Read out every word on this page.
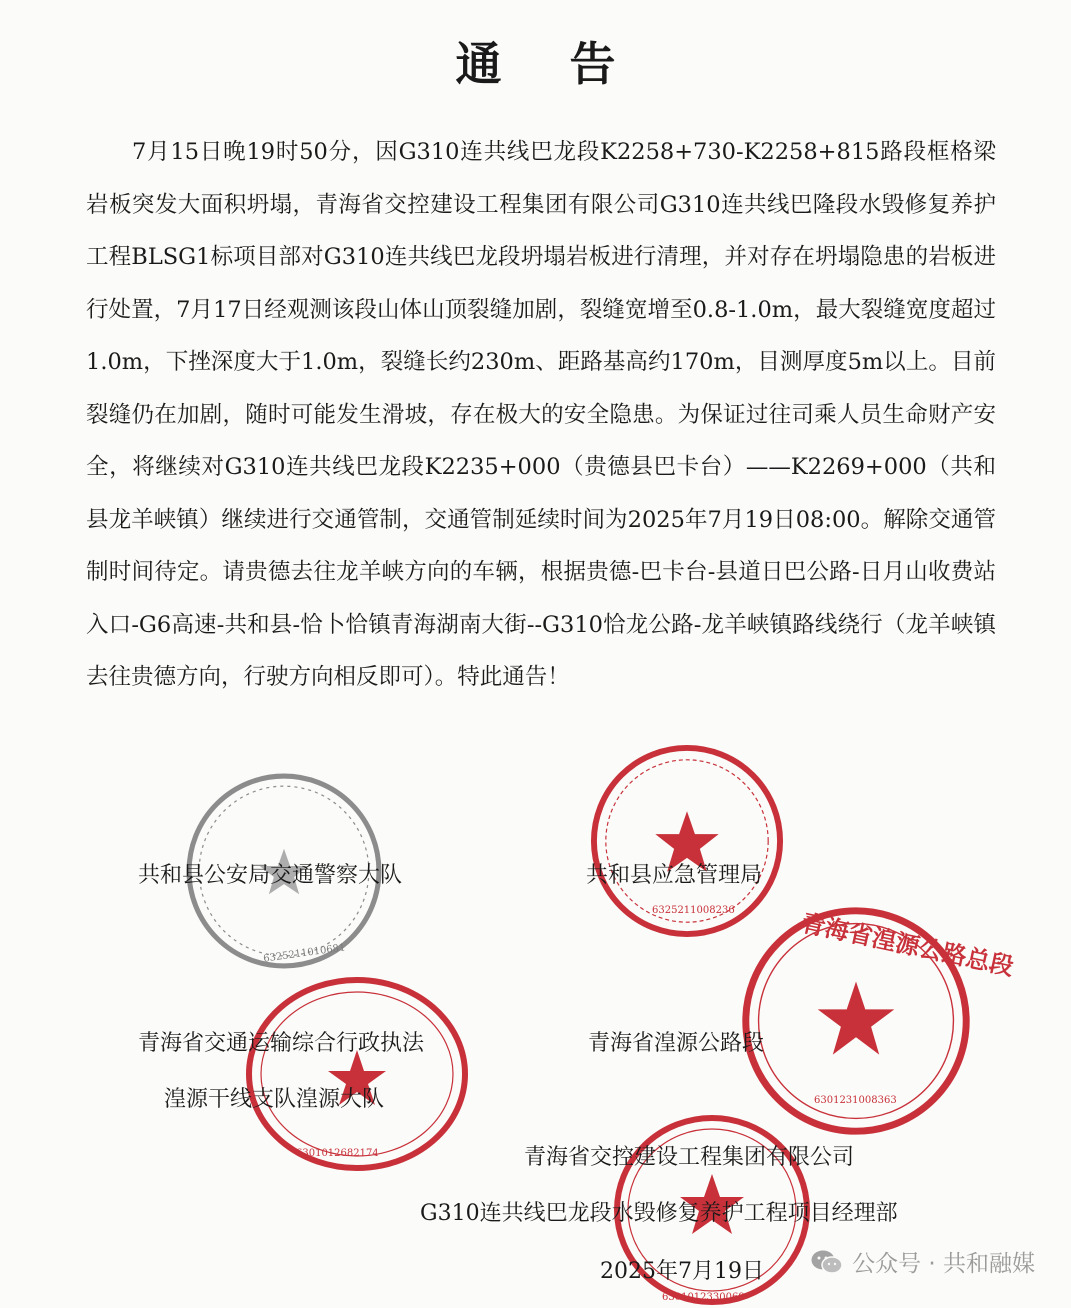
通告

7月15日晚19时50分，因G310连共线巴龙段K2258+730-K2258+815路段框格梁岩板突发大面积坍塌，青海省交控建设工程集团有限公司G310连共线巴隆段水毁修复养护工程BLSG1标项目部对G310连共线巴龙段坍塌岩板进行清理，并对存在坍塌隐患的岩板进行处置，7月17日经观测该段山体山顶裂缝加剧，裂缝宽增至0.8-1.0m，最大裂缝宽度超过1.0m，下挫深度大于1.0m，裂缝长约230m、距路基高约170m，目测厚度5m以上。目前裂缝仍在加剧，随时可能发生滑坡，存在极大的安全隐患。为保证过往司乘人员生命财产安全，将继续对G310连共线巴龙段K2235+000（贵德县巴卡台）——K2269+000（共和县龙羊峡镇）继续进行交通管制，交通管制延续时间为2025年7月19日08:00。解除交通管制时间待定。请贵德去往龙羊峡方向的车辆，根据贵德-巴卡台-县道日巴公路-日月山收费站入口-G6高速-共和县-恰卜恰镇青海湖南大街--G310恰龙公路-龙羊峡镇路线绕行（龙羊峡镇去往贵德方向，行驶方向相反即可）。特此通告！

6325211010681
6325211008236	青海省湟源公路总段
6301231008363
6301012682174
6301012330069
共和县公安局交通警察大队	共和县应急管理局
青海省交通运输综合行政执法
湟源干线支队湟源大队
青海省湟源公路段
青海省交控建设工程集团有限公司
G310连共线巴龙段水毁修复养护工程项目经理部
2025年7月19日	公众号 · 共和融媒
